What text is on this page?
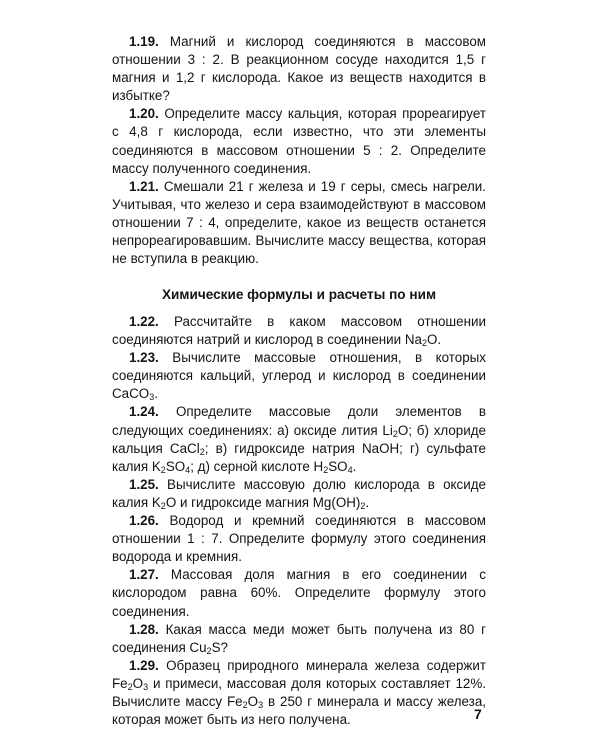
1.19. Магний и кислород соединяются в массовом отношении 3 : 2. В реакционном сосуде находится 1,5 г магния и 1,2 г кислорода. Какое из веществ находится в избытке?

1.20. Определите массу кальция, которая прореагирует с 4,8 г кислорода, если известно, что эти элементы соединяются в массовом отношении 5 : 2. Определите массу полученного соединения.

1.21. Смешали 21 г железа и 19 г серы, смесь нагрели. Учитывая, что железо и сера взаимодействуют в массовом отношении 7 : 4, определите, какое из веществ останется непрореагировавшим. Вычислите массу вещества, которая не вступила в реакцию.

Химические формулы и расчеты по ним

1.22. Рассчитайте в каком массовом отношении соединяются натрий и кислород в соединении $Na_2O$.

1.23. Вычислите массовые отношения, в которых соединяются кальций, углерод и кислород в соединении CaCO$_3$.

1.24. Определите массовые доли элементов в следующих соединениях: а) оксиде лития $Li_2O$; б) хлориде кальция CaCl$_2$; в) гидроксиде натрия NaOH; г) сульфате калия $K_2SO_4$; д) серной кислоте $H_2SO_4$.

1.25. Вычислите массовую долю кислорода в оксиде калия $K_2O$ и гидроксиде магния $Mg(OH)_2$.

1.26. Водород и кремний соединяются в массовом отношении 1 : 7. Определите формулу этого соединения водорода и кремния.

1.27. Массовая доля магния в его соединении с кислородом равна 60%. Определите формулу этого соединения.

1.28. Какая масса меди может быть получена из 80 г соединения $Cu_2S$?

1.29. Образец природного минерала железа содержит $Fe_2O_3$ и примеси, массовая доля которых составляет 12%. Вычислите массу $Fe_2O_3$ в 250 г минерала и массу железа, которая может быть из него получена.	7
